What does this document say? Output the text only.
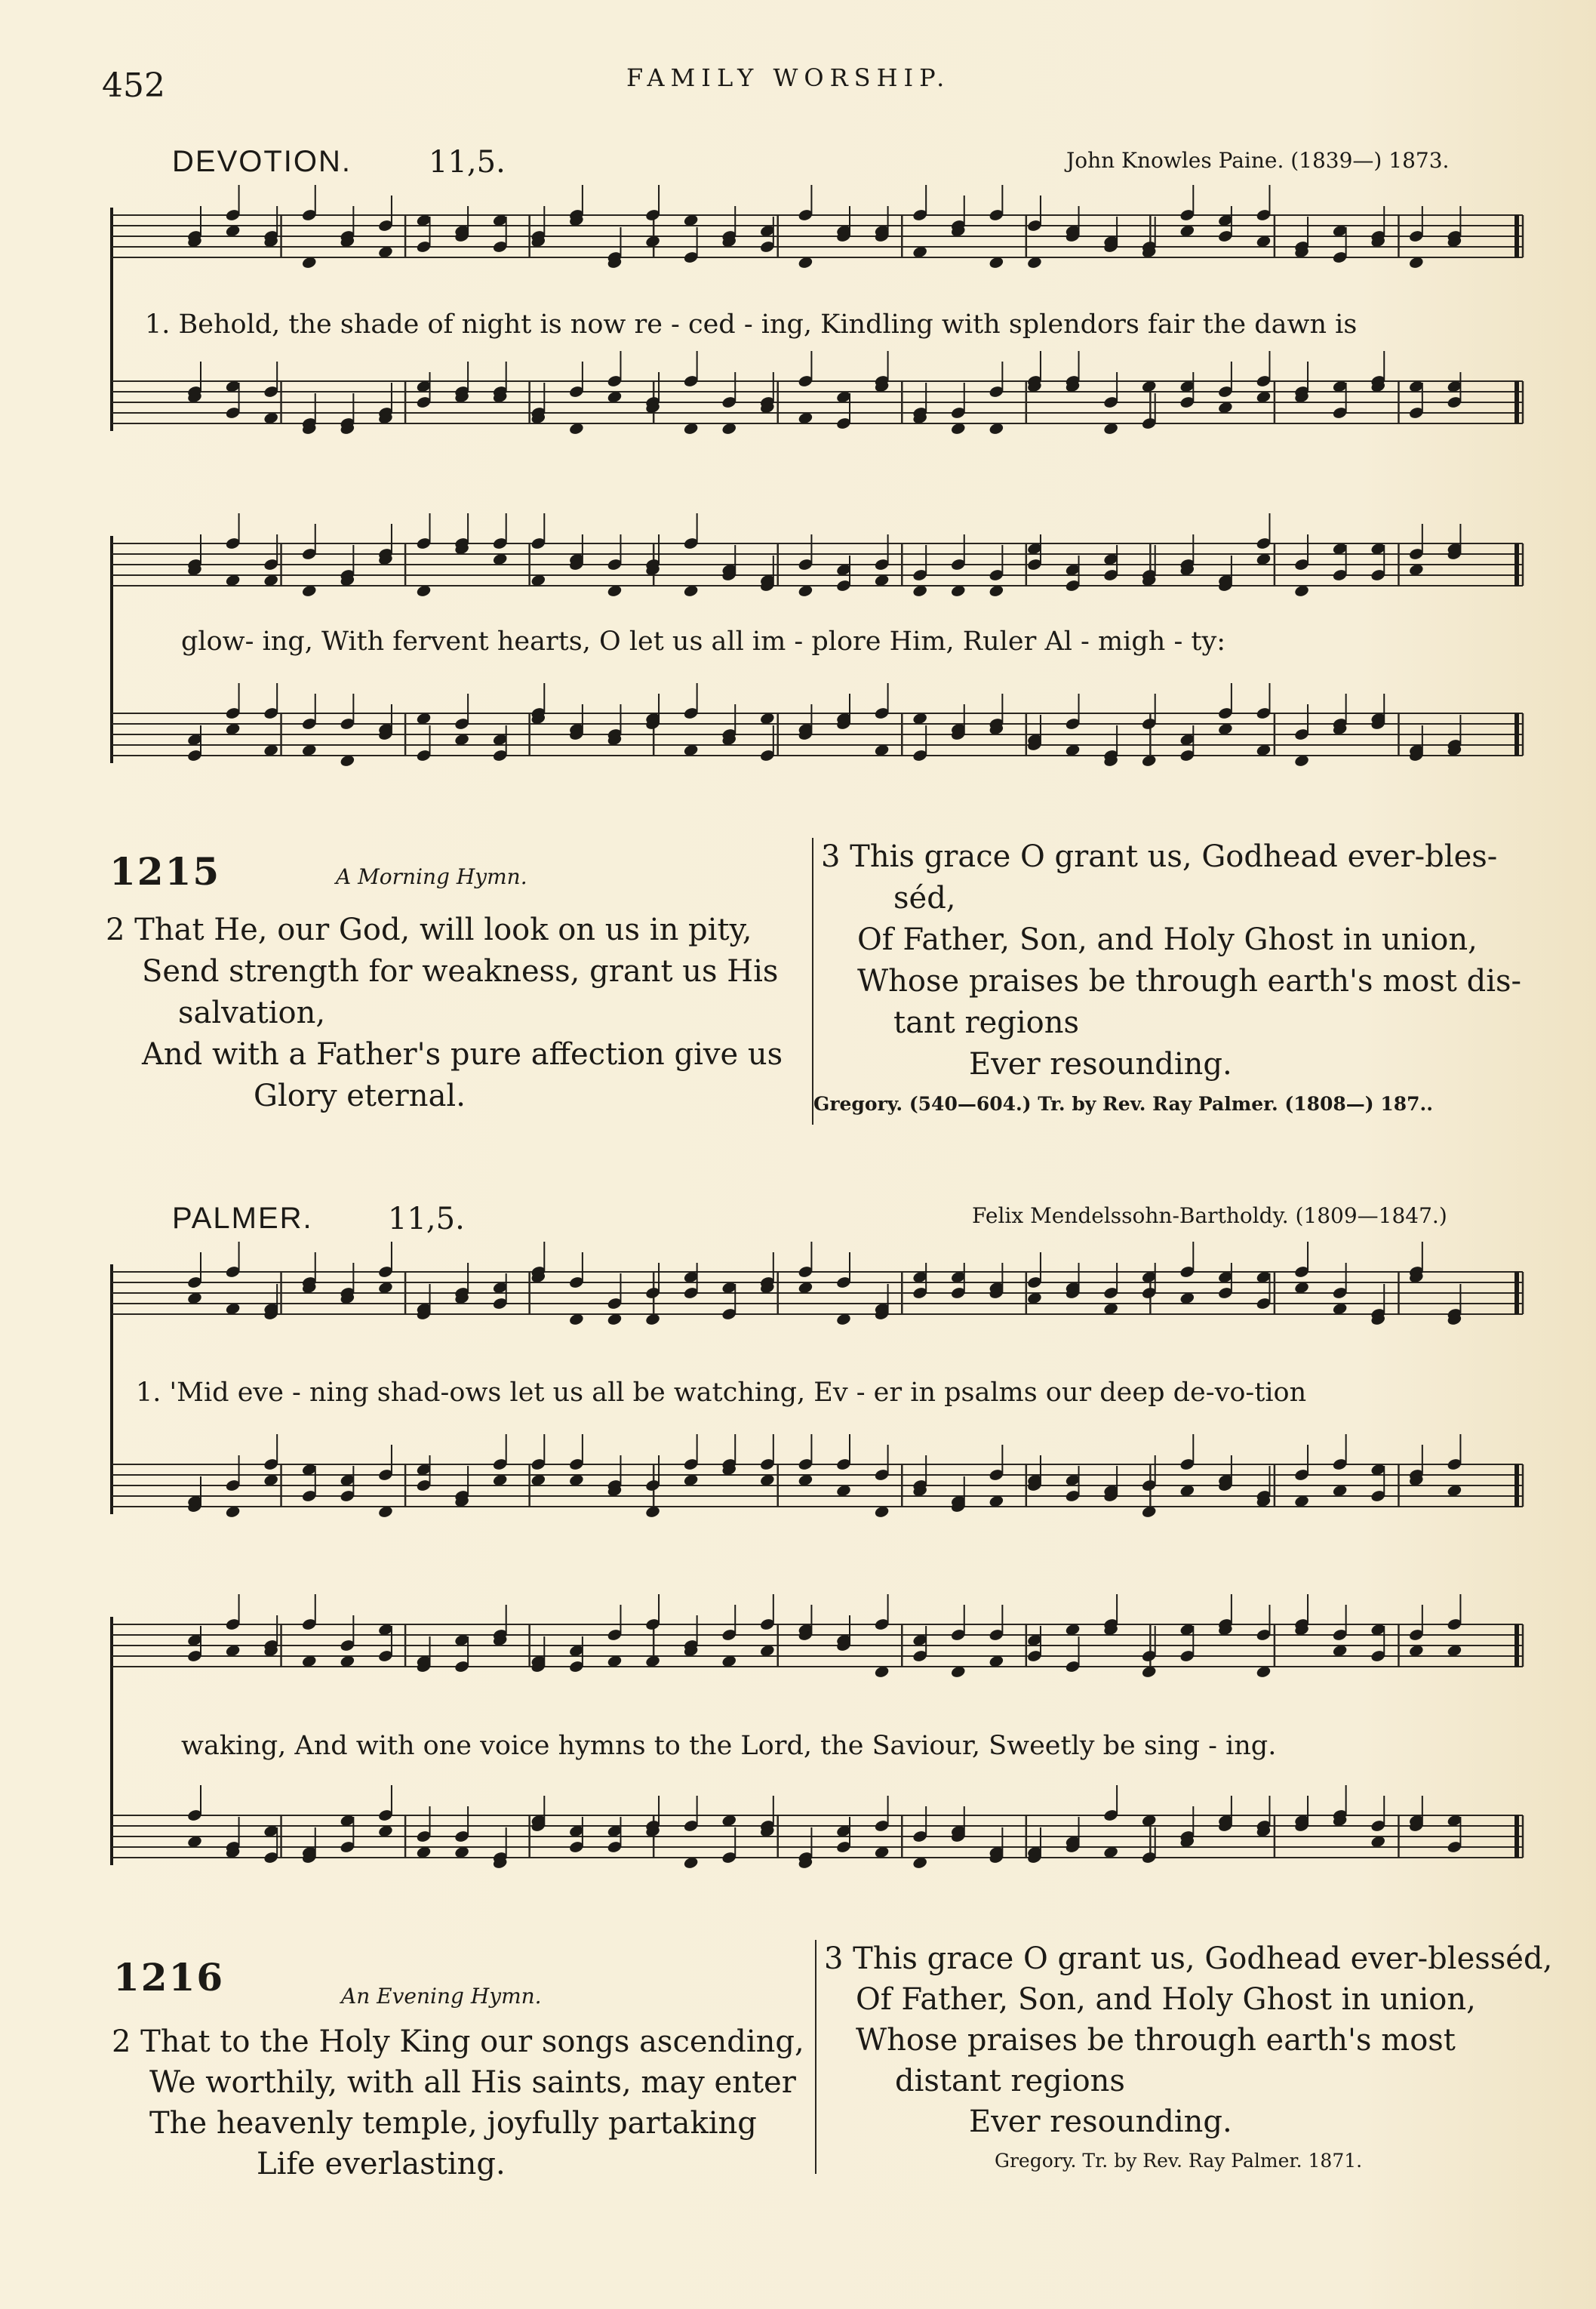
452	FAMILY WORSHIP.
DEVOTION.	11,5.	John Knowles Paine. (1839—) 1873.
1. Behold, the shade of night is now re - ced - ing, Kindling with splendors fair the dawn is
glow- ing, With fervent hearts, O let us all im - plore Him, Ruler Al - migh - ty:
1215	A Morning Hymn.
2 That He, our God, will look on us in pity,
Send strength for weakness, grant us His
salvation,
And with a Father's pure affection give us
Glory eternal.
3 This grace O grant us, Godhead ever-bles-
séd,
Of Father, Son, and Holy Ghost in union,
Whose praises be through earth's most dis-
tant regions
Ever resounding.
Gregory. (540—604.) Tr. by Rev. Ray Palmer. (1808—) 187..
PALMER. 11,5.	Felix Mendelssohn-Bartholdy. (1809—1847.)
1. 'Mid eve - ning shad-ows let us all be watching, Ev - er in psalms our deep de-vo-tion
waking, And with one voice hymns to the Lord, the Saviour, Sweetly be sing - ing.
1216	An Evening Hymn.
2 That to the Holy King our songs ascending,
We worthily, with all His saints, may enter
The heavenly temple, joyfully partaking
Life everlasting.
3 This grace O grant us, Godhead ever-blesséd,
Of Father, Son, and Holy Ghost in union,
Whose praises be through earth's most
distant regions
Ever resounding.
Gregory. Tr. by Rev. Ray Palmer. 1871.
